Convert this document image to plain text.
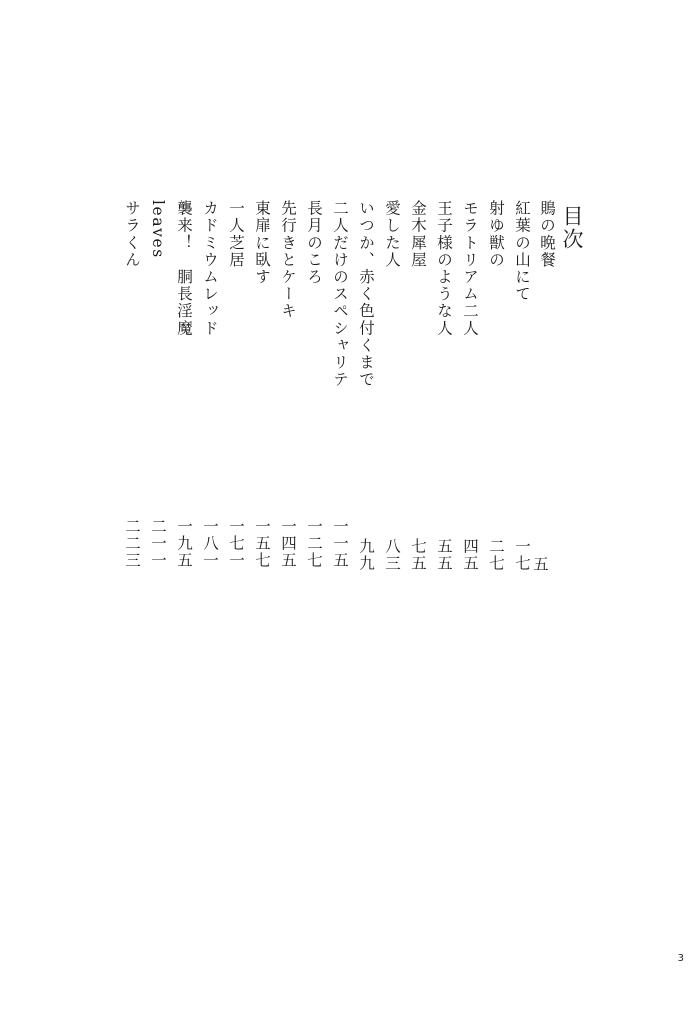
目次
鵙の晩餐
紅葉の山にて
射ゆ獣の
モラトリアム二人
王子様のような人
金木犀屋
愛した人
いつか、赤く色付くまで
二人だけのスペシャリテ
長月のころ
先行きとケーキ
東扉に臥す
一人芝居
カドミウムレッド
襲来！　胴長淫魔
leaves
サラくん
五
一七
二七
四五
五五
七五
八三
九九
一一五
一二七
一四五
一五七
一七一
一八一
一九五
二一一
二二三
3
